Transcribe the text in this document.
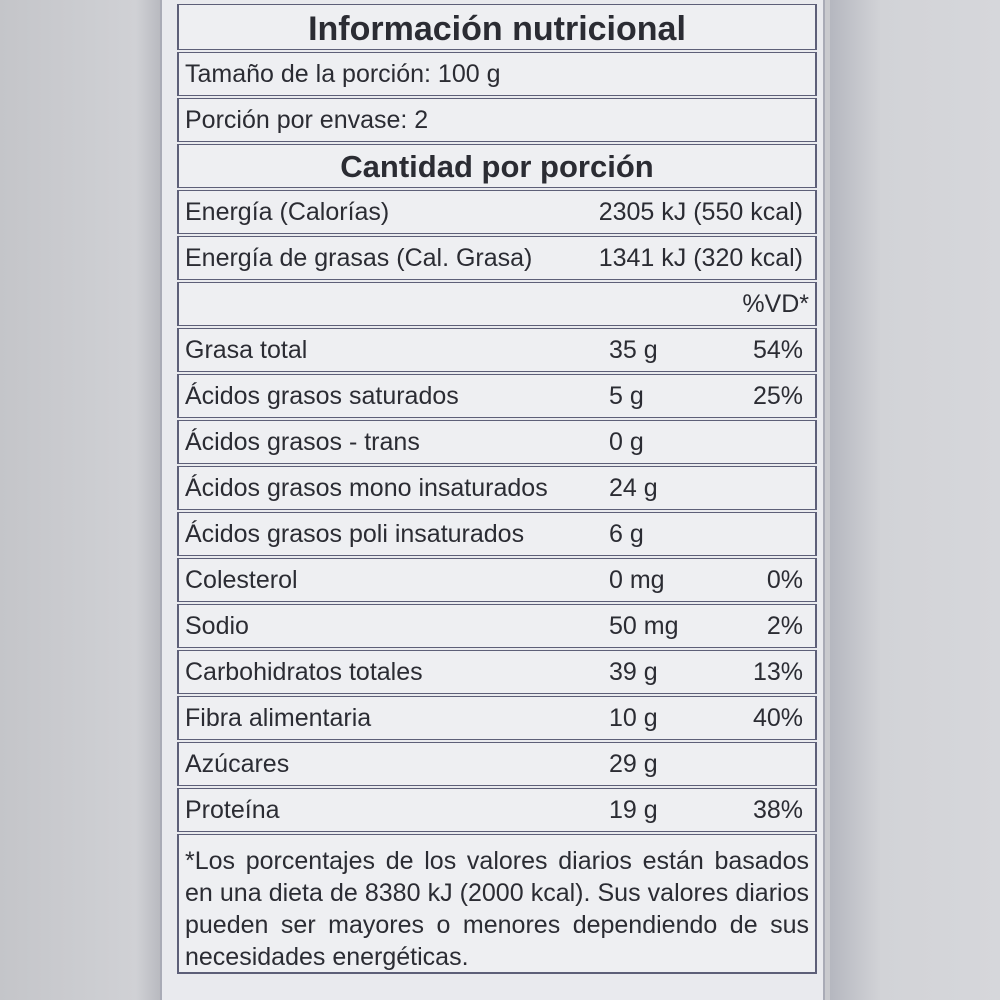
Información nutricional
Tamaño de la porción: 100 g
Porción por envase: 2
Cantidad por porción
Energía (Calorías)	2305 kJ (550 kcal)
Energía de grasas (Cal. Grasa)	1341 kJ (320 kcal)
%VD*
Grasa total	35 g	54%
Ácidos grasos saturados	5 g	25%
Ácidos grasos - trans	0 g
Ácidos grasos mono insaturados 24 g
Ácidos grasos poli insaturados	6 g
Colesterol	0 mg	0%
Sodio	50 mg	2%
Carbohidratos totales	39 g	13%
Fibra alimentaria	10 g	40%
Azúcares	29 g
Proteína	19 g	38%
*Los porcentajes de los valores diarios están basados en una dieta de 8380 kJ (2000 kcal). Sus valores diarios pueden ser mayores o menores dependiendo de sus necesidades energéticas.
